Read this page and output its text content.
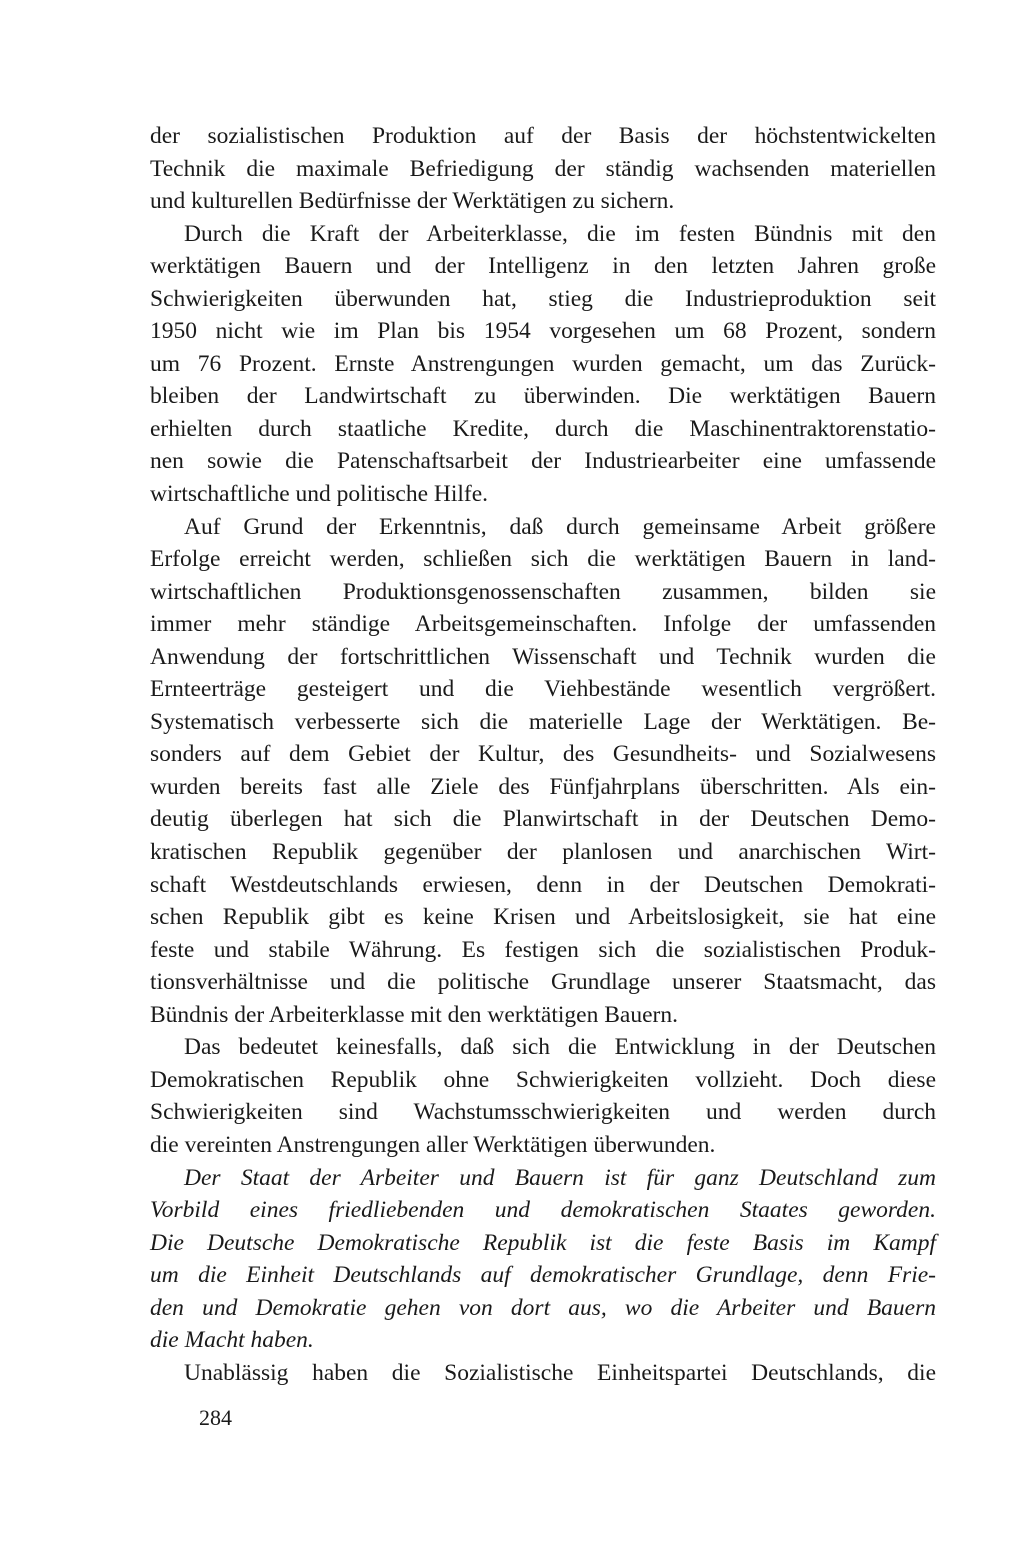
der sozialistischen Produktion auf der Basis der höchstentwickelten
Technik die maximale Befriedigung der ständig wachsenden materiellen
und kulturellen Bedürfnisse der Werktätigen zu sichern.
Durch die Kraft der Arbeiterklasse, die im festen Bündnis mit den
werktätigen Bauern und der Intelligenz in den letzten Jahren große
Schwierigkeiten überwunden hat, stieg die Industrieproduktion seit
1950 nicht wie im Plan bis 1954 vorgesehen um 68 Prozent, sondern
um 76 Prozent. Ernste Anstrengungen wurden gemacht, um das Zurück-
bleiben der Landwirtschaft zu überwinden. Die werktätigen Bauern
erhielten durch staatliche Kredite, durch die Maschinentraktorenstatio-
nen sowie die Patenschaftsarbeit der Industriearbeiter eine umfassende
wirtschaftliche und politische Hilfe.
Auf Grund der Erkenntnis, daß durch gemeinsame Arbeit größere
Erfolge erreicht werden, schließen sich die werktätigen Bauern in land-
wirtschaftlichen Produktionsgenossenschaften zusammen, bilden sie
immer mehr ständige Arbeitsgemeinschaften. Infolge der umfassenden
Anwendung der fortschrittlichen Wissenschaft und Technik wurden die
Ernteerträge gesteigert und die Viehbestände wesentlich vergrößert.
Systematisch verbesserte sich die materielle Lage der Werktätigen. Be-
sonders auf dem Gebiet der Kultur, des Gesundheits- und Sozialwesens
wurden bereits fast alle Ziele des Fünfjahrplans überschritten. Als ein-
deutig überlegen hat sich die Planwirtschaft in der Deutschen Demo-
kratischen Republik gegenüber der planlosen und anarchischen Wirt-
schaft Westdeutschlands erwiesen, denn in der Deutschen Demokrati-
schen Republik gibt es keine Krisen und Arbeitslosigkeit, sie hat eine
feste und stabile Währung. Es festigen sich die sozialistischen Produk-
tionsverhältnisse und die politische Grundlage unserer Staatsmacht, das
Bündnis der Arbeiterklasse mit den werktätigen Bauern.
Das bedeutet keinesfalls, daß sich die Entwicklung in der Deutschen
Demokratischen Republik ohne Schwierigkeiten vollzieht. Doch diese
Schwierigkeiten sind Wachstumsschwierigkeiten und werden durch
die vereinten Anstrengungen aller Werktätigen überwunden.
Der Staat der Arbeiter und Bauern ist für ganz Deutschland zum
Vorbild eines friedliebenden und demokratischen Staates geworden.
Die Deutsche Demokratische Republik ist die feste Basis im Kampf
um die Einheit Deutschlands auf demokratischer Grundlage, denn Frie-
den und Demokratie gehen von dort aus, wo die Arbeiter und Bauern
die Macht haben.
Unablässig haben die Sozialistische Einheitspartei Deutschlands, die
284
